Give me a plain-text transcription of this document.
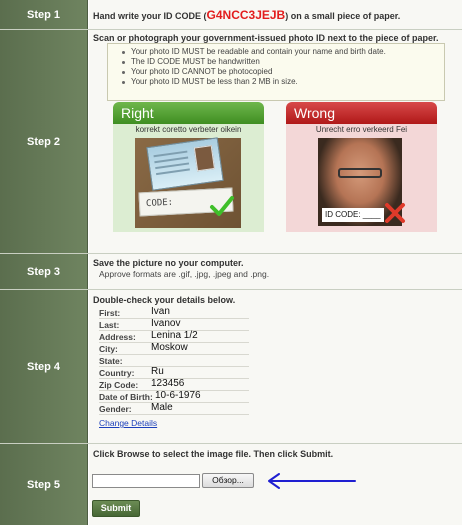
Step 1	Hand write your ID CODE (G4NCC3JEJB) on a small piece of paper.
Step 2
Scan or photograph your government-issued photo ID next to the piece of paper.
Your photo ID MUST be readable and contain your name and birth date.
The ID CODE MUST be handwritten
Your photo ID CANNOT be photocopied
Your photo ID MUST be less than 2 MB in size.
Right
korrekt coretto verbeter oikein
CODE:
Wrong
Unrecht erro verkeerd Fei
ID CODE: ____
Step 3
Save the picture no your computer.
Approve formats are .gif, .jpg, .jpeg and .png.
Step 4
Double-check your details below.
First:	Ivan
Last:	Ivanov
Address: Lenina 1/2
City:	Moskow
State:
Country: Ru
Zip Code: 123456
Date of Birth: 10-6-1976
Gender: Male
Change Details
Step 5
Click Browse to select the image file. Then click Submit.
Обзор...
Submit
